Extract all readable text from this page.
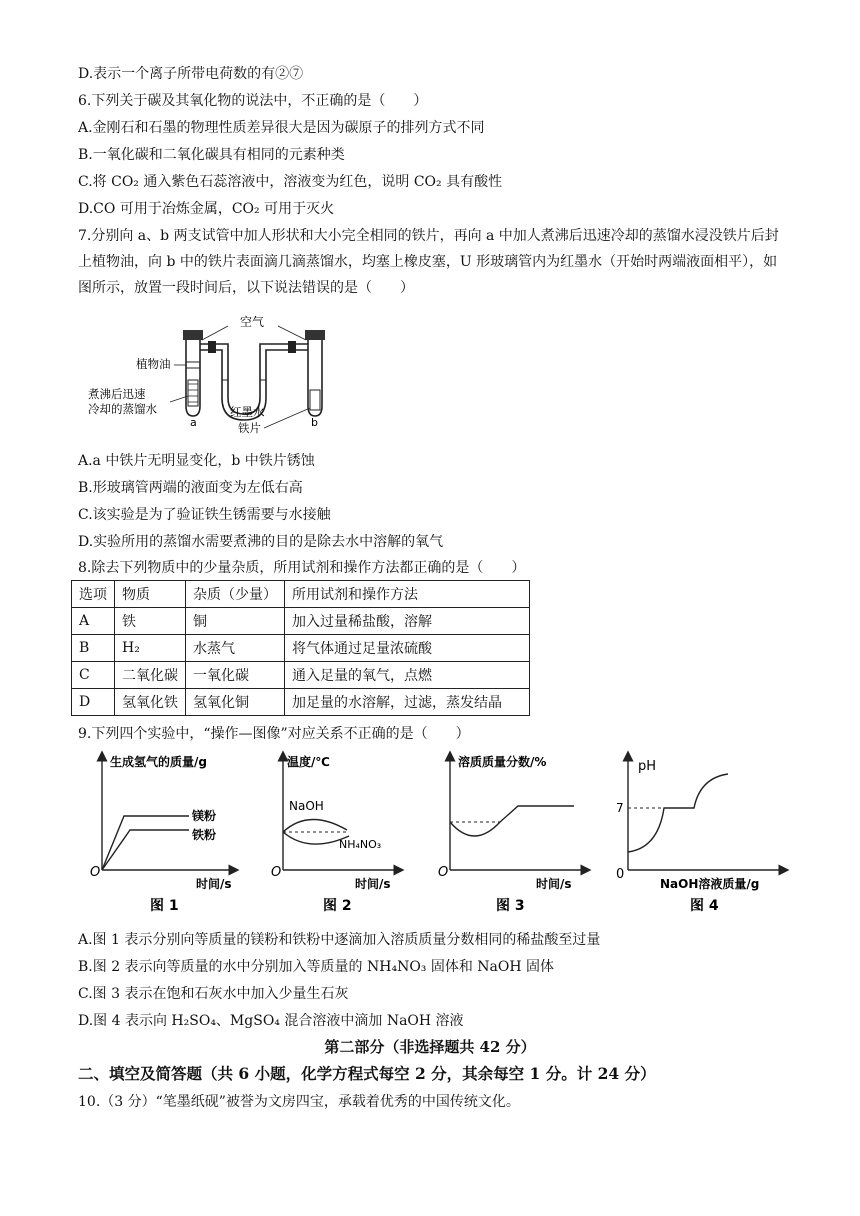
D.表示一个离子所带电荷数的有②⑦
6.下列关于碳及其氧化物的说法中，不正确的是（　　）
A.金刚石和石墨的物理性质差异很大是因为碳原子的排列方式不同
B.一氧化碳和二氧化碳具有相同的元素种类
C.将 CO₂ 通入紫色石蕊溶液中，溶液变为红色，说明 CO₂ 具有酸性
D.CO 可用于冶炼金属，CO₂ 可用于灭火
7.分别向 a、b 两支试管中加人形状和大小完全相同的铁片，再向 a 中加人煮沸后迅速冷却的蒸馏水浸没铁片后封上植物油，向 b 中的铁片表面滴几滴蒸馏水，均塞上橡皮塞，U 形玻璃管内为红墨水（开始时两端液面相平），如图所示，放置一段时间后，以下说法错误的是（　　）
空气
植物油
煮沸后迅速
冷却的蒸馏水
a	b
红墨水
铁片
A.a 中铁片无明显变化，b 中铁片锈蚀
B.形玻璃管两端的液面变为左低右高
C.该实验是为了验证铁生锈需要与水接触
D.实验所用的蒸馏水需要煮沸的目的是除去水中溶解的氧气
8.除去下列物质中的少量杂质，所用试剂和操作方法都正确的是（　　）
选项	物质	杂质（少量）	所用试剂和操作方法
A	铁	铜	加入过量稀盐酸，溶解
B	H₂	水蒸气	将气体通过足量浓硫酸
C	二氧化碳	一氧化碳	通入足量的氧气，点燃
D	氢氧化铁	氢氧化铜	加足量的水溶解，过滤，蒸发结晶
9.下列四个实验中，“操作—图像”对应关系不正确的是（　　）
生成氢气的质量/g
时间/s
O
镁粉
铁粉
图 1
温度/℃
时间/s
O
NaOH
NH₄NO₃
图 2
溶质质量分数/%
时间/s
O
图 3
pH
NaOH溶液质量/g
0
7
图 4
A.图 1 表示分别向等质量的镁粉和铁粉中逐滴加入溶质质量分数相同的稀盐酸至过量
B.图 2 表示向等质量的水中分别加入等质量的 NH₄NO₃ 固体和 NaOH 固体
C.图 3 表示在饱和石灰水中加入少量生石灰
D.图 4 表示向 H₂SO₄、MgSO₄ 混合溶液中滴加 NaOH 溶液
第二部分（非选择题共 42 分）
二、填空及简答题（共 6 小题，化学方程式每空 2 分，其余每空 1 分。计 24 分）
10.（3 分）“笔墨纸砚”被誉为文房四宝，承载着优秀的中国传统文化。
